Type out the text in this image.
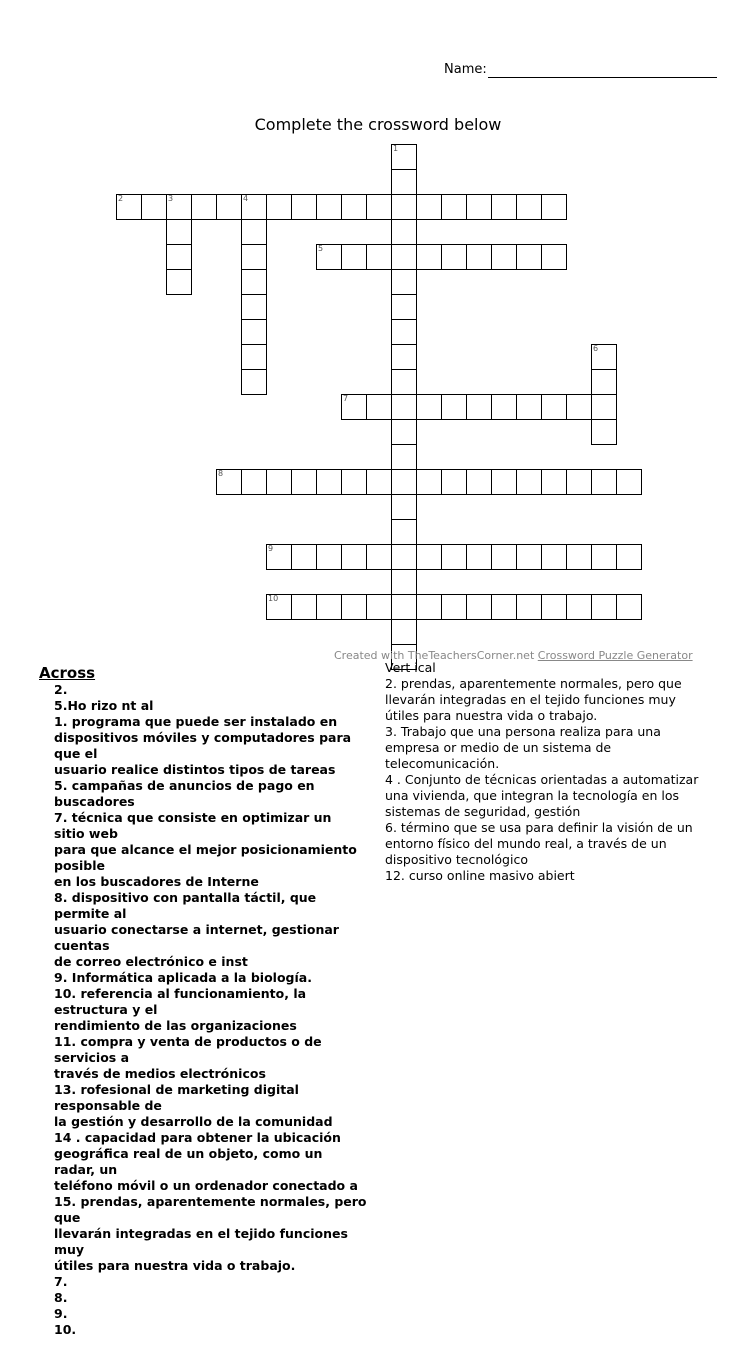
Name:
Complete the crossword below
2	3	4
5
7
8
9
10
1
6
Created with TheTeachersCorner.net Crossword Puzzle Generator
Across
2.
5.Ho rizo nt al
1. programa que puede ser instalado en
dispositivos móviles y computadores para
que el
usuario realice distintos tipos de tareas
5. campañas de anuncios de pago en
buscadores
7. técnica que consiste en optimizar un
sitio web
para que alcance el mejor posicionamiento
posible
en los buscadores de Interne
8. dispositivo con pantalla táctil, que
permite al
usuario conectarse a internet, gestionar
cuentas
de correo electrónico e inst
9. Informática aplicada a la biología.
10. referencia al funcionamiento, la
estructura y el
rendimiento de las organizaciones
11. compra y venta de productos o de
servicios a
través de medios electrónicos
13. rofesional de marketing digital
responsable de
la gestión y desarrollo de la comunidad
14 . capacidad para obtener la ubicación
geográfica real de un objeto, como un
radar, un
teléfono móvil o un ordenador conectado a
15. prendas, aparentemente normales, pero
que
llevarán integradas en el tejido funciones
muy
útiles para nuestra vida o trabajo.
7.
8.
9.
10.
Vert ical
2. prendas, aparentemente normales, pero que llevarán integradas en el tejido funciones muy útiles para nuestra vida o trabajo.
3. Trabajo que una persona realiza para una empresa or medio de un sistema de telecomunicación.
4 . Conjunto de técnicas orientadas a automatizar una vivienda, que integran la tecnología en los sistemas de seguridad, gestión
6. término que se usa para definir la visión de un entorno físico del mundo real, a través de un dispositivo tecnológico
12. curso online masivo abiert
